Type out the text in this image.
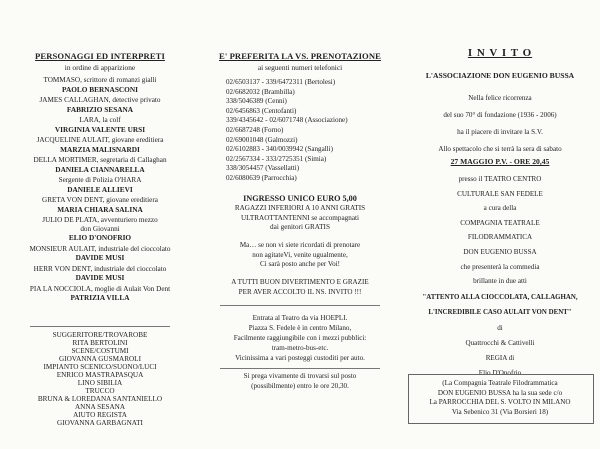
PERSONAGGI ED INTERPRETI
in ordine di apparizione
TOMMASO, scrittore di romanzi gialli
PAOLO BERNASCONI
JAMES CALLAGHAN, detective privato
FABRIZIO SESANA
LARA, la colf
VIRGINIA VALENTE URSI
JACQUELINE AULAIT, giovane ereditiera
MARZIA MALISNARDI
DELLA MORTIMER, segretaria di Callaghan
DANIELA CIANNARELLA
Sergente di Polizia O'HARA
DANIELE ALLIEVI
GRETA VON DENT, giovane ereditiera
MARIA CHIARA SALINA
JULIO DE PLATA, avventuriero mezzo
don Giovanni
ELIO D'ONOFRIO
MONSIEUR AULAIT, industriale del cioccolato
DAVIDE MUSI
HERR VON DENT, industriale del cioccolato
DAVIDE MUSI
PIA LA NOCCIOLA, moglie di Aulait Von Dent
PATRIZIA VILLA
SUGGERITORE/TROVAROBE
RITA BERTOLINI
SCENE/COSTUMI
GIOVANNA GUSMAROLI
IMPIANTO SCENICO/SUONO/LUCI
ENRICO MASTRAPASQUA
LINO SIBILIA
TRUCCO
BRUNA & LOREDANA SANTANIELLO
ANNA SESANA
AIUTO REGISTA
GIOVANNA GARBAGNATI
E' PREFERITA LA VS. PRENOTAZIONE
ai seguenti numeri telefonici
02/6503137 - 339/6472311 (Bertolesi)
02/6682032 (Brambilla)
338/5046389 (Cenni)
02/6456863 (Centofanti)
339/4345642 - 02/6071748 (Associazione)
02/6687248 (Forno)
02/69001048 (Galmozzi)
02/6102883 - 340/0039942 (Sangalli)
02/2567334 - 333/2725351 (Simia)
338/3054457 (Vassellatti)
02/6080639 (Parrocchia)
INGRESSO UNICO EURO 5,00
RAGAZZI INFERIORI A 10 ANNI GRATIS
ULTRAOTTANTENNI se accompagnati
dai genitori GRATIS
Ma… se non vi siete ricordati di prenotare
non agitateVi, venite ugualmente,
Ci sarà posto anche per Voi!
A TUTTI BUON DIVERTIMENTO E GRAZIE
PER AVER ACCOLTO IL NS. INVITO !!!
Entrata al Teatro da via HOEPLI.
Piazza S. Fedele è in centro Milano,
Facilmente raggiungibile con i mezzi pubblici:
tram-metro-bus-etc.
Vicinissima a vari posteggi custoditi per auto.
Si prega vivamente di trovarsi sul posto
(possibilmente) entro le ore 20,30.
I N V I T O
L'ASSOCIAZIONE DON EUGENIO BUSSA
Nella felice ricorrenza
del suo 70° di fondazione (1936 - 2006)
ha il piacere di invitare la S.V.
Allo spettacolo che si terrà la sera di sabato
27 MAGGIO P.V. - ORE 20,45
presso il TEATRO CENTRO
CULTURALE SAN FEDELE
a cura della
COMPAGNIA TEATRALE
FILODRAMMATICA
DON EUGENIO BUSSA
che presenterà la commedia
brillante in due atti
"ATTENTO ALLA CIOCCOLATA, CALLAGHAN,
L'INCREDIBILE CASO AULAIT VON DENT"
di
Quattrocchi & Cattivelli
REGIA di
Elio D'Onofrio
(La Compagnia Teatrale Filodrammatica
DON EUGENIO BUSSA ha la sua sede c/o
La PARROCCHIA DEL S. VOLTO IN MILANO
Via Sebenico 31 (Via Borsieri 18)
